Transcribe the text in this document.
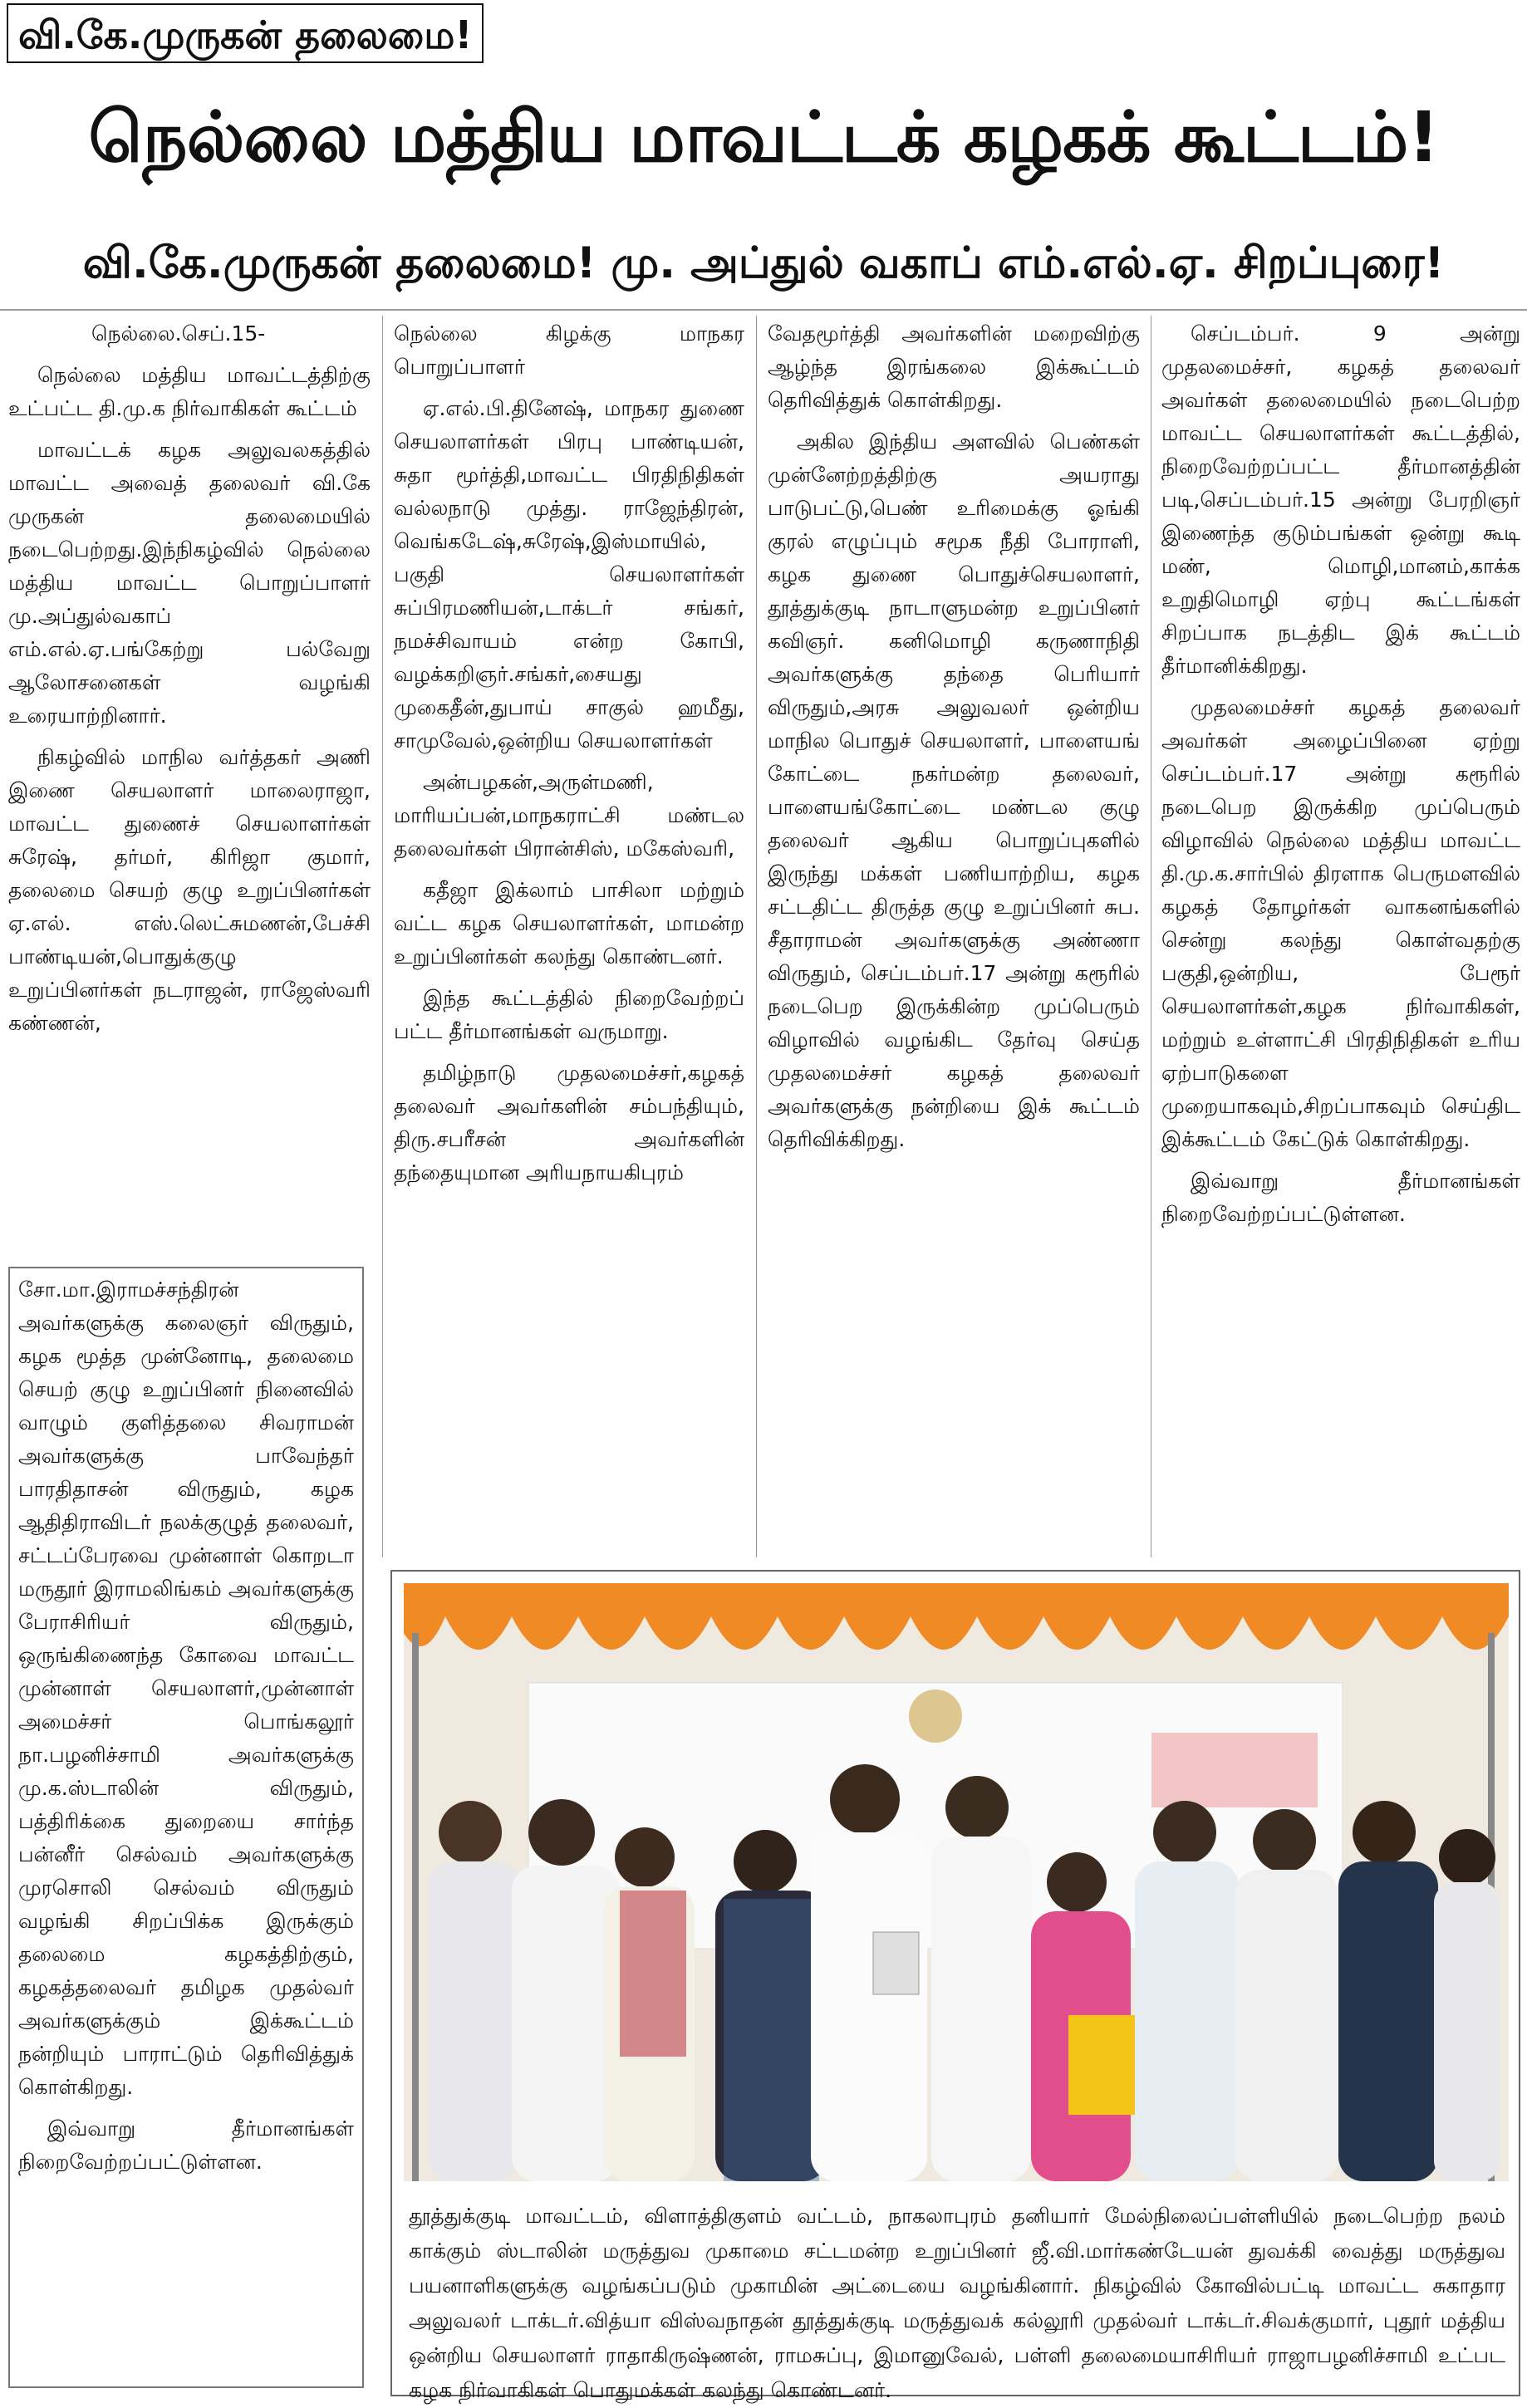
வி.கே.முருகன் தலைமை!
நெல்லை மத்திய மாவட்டக் கழகக் கூட்டம்!
வி.கே.முருகன் தலைமை! மு. அப்துல் வகாப் எம்.எல்.ஏ. சிறப்புரை!

நெல்லை.செப்.15-

நெல்லை மத்திய மாவட்டத்திற்கு உட்பட்ட தி.மு.க நிர்வாகிகள் கூட்டம்

மாவட்டக் கழக அலுவலகத்தில் மாவட்ட அவைத் தலைவர் வி.கே முருகன் தலைமையில் நடைபெற்றது.இந்நிகழ்வில் நெல்லை மத்திய மாவட்ட பொறுப்பாளர் மு.அப்துல்வகாப் எம்.எல்.ஏ.பங்கேற்று பல்வேறு ஆலோசனைகள் வழங்கி உரையாற்றினார்.

நிகழ்வில் மாநில வர்த்தகர் அணி இணை செயலாளர் மாலைராஜா, மாவட்ட துணைச் செயலாளர்கள் சுரேஷ், தர்மர், கிரிஜா குமார், தலைமை செயற் குழு உறுப்பினர்கள் ஏ.எல். எஸ்.லெட்சுமணன்,பேச்சி பாண்டியன்,பொதுக்குழு உறுப்பினர்கள் நடராஜன், ராஜேஸ்வரி கண்ணன்,

நெல்லை கிழக்கு மாநகர பொறுப்பாளர்

ஏ.எல்.பி.தினேஷ், மாநகர துணை செயலாளர்கள் பிரபு பாண்டியன், சுதா மூர்த்தி,மாவட்ட பிரதிநிதிகள் வல்லநாடு முத்து. ராஜேந்திரன், வெங்கடேஷ்,சுரேஷ்,இஸ்மாயில், பகுதி செயலாளர்கள் சுப்பிரமணியன்,டாக்டர் சங்கர், நமச்சிவாயம் என்ற கோபி, வழக்கறிஞர்.சங்கர்,சையது முகைதீன்,துபாய் சாகுல் ஹமீது, சாமுவேல்,ஒன்றிய செயலாளர்கள்

அன்பழகன்,அருள்மணி, மாரியப்பன்,மாநகராட்சி மண்டல தலைவர்கள் பிரான்சிஸ், மகேஸ்வரி,

கதீஜா இக்லாம் பாசிலா மற்றும் வட்ட கழக செயலாளர்கள், மாமன்ற உறுப்பினர்கள் கலந்து கொண்டனர்.

இந்த கூட்டத்தில் நிறைவேற்றப் பட்ட தீர்மானங்கள் வருமாறு.

தமிழ்நாடு முதலமைச்சர்,கழகத் தலைவர் அவர்களின் சம்பந்தியும், திரு.சபரீசன் அவர்களின் தந்தையுமான அரியநாயகிபுரம்

வேதமூர்த்தி அவர்களின் மறைவிற்கு ஆழ்ந்த இரங்கலை இக்கூட்டம் தெரிவித்துக் கொள்கிறது.

அகில இந்திய அளவில் பெண்கள் முன்னேற்றத்திற்கு அயராது பாடுபட்டு,பெண் உரிமைக்கு ஓங்கி குரல் எழுப்பும் சமூக நீதி போராளி, கழக துணை பொதுச்செயலாளர், தூத்துக்குடி நாடாளுமன்ற உறுப்பினர் கவிஞர். கனிமொழி கருணாநிதி அவர்களுக்கு தந்தை பெரியார் விருதும்,அரசு அலுவலர் ஒன்றிய மாநில பொதுச் செயலாளர், பாளையங் கோட்டை நகர்மன்ற தலைவர், பாளையங்கோட்டை மண்டல குழு தலைவர் ஆகிய பொறுப்புகளில் இருந்து மக்கள் பணியாற்றிய, கழக சட்டதிட்ட திருத்த குழு உறுப்பினர் சுப. சீதாராமன் அவர்களுக்கு அண்ணா விருதும், செப்டம்பர்.17 அன்று கரூரில் நடைபெற இருக்கின்ற முப்பெரும் விழாவில் வழங்கிட தேர்வு செய்த முதலமைச்சர் கழகத் தலைவர் அவர்களுக்கு நன்றியை இக் கூட்டம் தெரிவிக்கிறது.

செப்டம்பர். 9 அன்று முதலமைச்சர், கழகத் தலைவர் அவர்கள் தலைமையில் நடைபெற்ற மாவட்ட செயலாளர்கள் கூட்டத்தில், நிறைவேற்றப்பட்ட தீர்மானத்தின் படி,செப்டம்பர்.15 அன்று பேரறிஞர் இணைந்த குடும்பங்கள் ஒன்று கூடி மண், மொழி,மானம்,காக்க உறுதிமொழி ஏற்பு கூட்டங்கள் சிறப்பாக நடத்திட இக் கூட்டம் தீர்மானிக்கிறது.

முதலமைச்சர் கழகத் தலைவர் அவர்கள் அழைப்பினை ஏற்று செப்டம்பர்.17 அன்று கரூரில் நடைபெற இருக்கிற முப்பெரும் விழாவில் நெல்லை மத்திய மாவட்ட தி.மு.க.சார்பில் திரளாக பெருமளவில் கழகத் தோழர்கள் வாகனங்களில் சென்று கலந்து கொள்வதற்கு பகுதி,ஒன்றிய, பேரூர் செயலாளர்கள்,கழக நிர்வாகிகள், மற்றும் உள்ளாட்சி பிரதிநிதிகள் உரிய ஏற்பாடுகளை முறையாகவும்,சிறப்பாகவும் செய்திட இக்கூட்டம் கேட்டுக் கொள்கிறது.

இவ்வாறு தீர்மானங்கள் நிறைவேற்றப்பட்டுள்ளன.

சோ.மா.இராமச்சந்திரன் அவர்களுக்கு கலைஞர் விருதும், கழக மூத்த முன்னோடி, தலைமை செயற் குழு உறுப்பினர் நினைவில் வாழும் குளித்தலை சிவராமன் அவர்களுக்கு பாவேந்தர் பாரதிதாசன் விருதும், கழக ஆதிதிராவிடர் நலக்குழுத் தலைவர், சட்டப்பேரவை முன்னாள் கொறடா மருதூர் இராமலிங்கம் அவர்களுக்கு பேராசிரியர் விருதும், ஒருங்கிணைந்த கோவை மாவட்ட முன்னாள் செயலாளர்,முன்னாள் அமைச்சர் பொங்கலூர் நா.பழனிச்சாமி அவர்களுக்கு மு.க.ஸ்டாலின் விருதும், பத்திரிக்கை துறையை சார்ந்த பன்னீர் செல்வம் அவர்களுக்கு முரசொலி செல்வம் விருதும் வழங்கி சிறப்பிக்க இருக்கும் தலைமை கழகத்திற்கும், கழகத்தலைவர் தமிழக முதல்வர் அவர்களுக்கும் இக்கூட்டம் நன்றியும் பாராட்டும் தெரிவித்துக் கொள்கிறது.

இவ்வாறு தீர்மானங்கள் நிறைவேற்றப்பட்டுள்ளன.

தூத்துக்குடி மாவட்டம், விளாத்திகுளம் வட்டம், நாகலாபுரம் தனியார் மேல்நிலைப்பள்ளியில் நடைபெற்ற நலம் காக்கும் ஸ்டாலின் மருத்துவ முகாமை சட்டமன்ற உறுப்பினர் ஜீ.வி.மார்கண்டேயன் துவக்கி வைத்து மருத்துவ பயனாளிகளுக்கு வழங்கப்படும் முகாமின் அட்டையை வழங்கினார். நிகழ்வில் கோவில்பட்டி மாவட்ட சுகாதார அலுவலர் டாக்டர்.வித்யா விஸ்வநாதன் தூத்துக்குடி மருத்துவக் கல்லூரி முதல்வர் டாக்டர்.சிவக்குமார், புதூர் மத்திய ஒன்றிய செயலாளர் ராதாகிருஷ்ணன், ராமசுப்பு, இமானுவேல், பள்ளி தலைமையாசிரியர் ராஜாபழனிச்சாமி உட்பட கழக நிர்வாகிகள் பொதுமக்கள் கலந்து கொண்டனர்.
